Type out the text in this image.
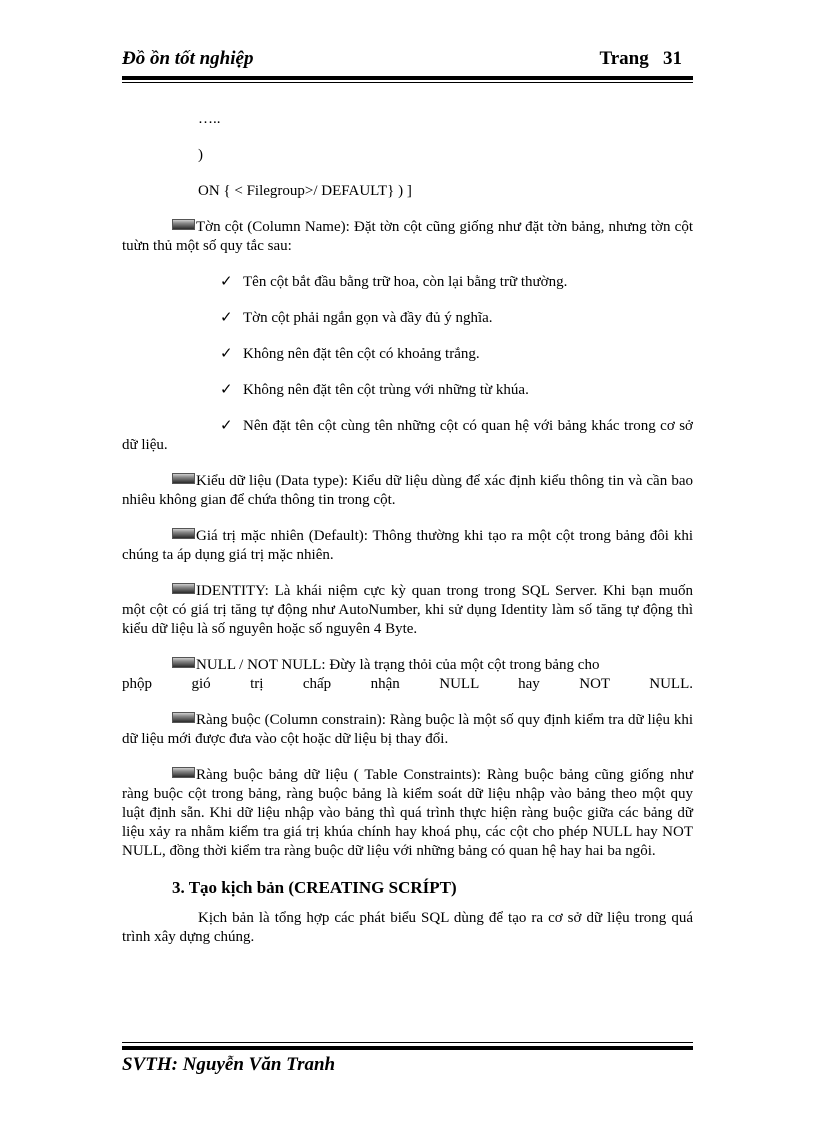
Đồ ồn tốt nghiệp	Trang 31
…..
)
ON { < Filegroup>/ DEFAULT} ) ]

Tờn cột (Column Name): Đặt tờn cột cũng giống như đặt tờn bảng, nhưng tờn cột tuừn thủ một số quy tắc sau:

✓ Tên cột bắt đầu bằng trữ hoa, còn lại bằng trữ thường.
✓ Tờn cột phải ngắn gọn và đầy đủ ý nghĩa.
✓ Không nên đặt tên cột có khoảng trắng.
✓ Không nên đặt tên cột trùng với những từ khúa.
✓ Nên đặt tên cột cùng tên những cột có quan hệ với bảng khác trong cơ sở dữ liệu.

Kiểu dữ liệu (Data type): Kiểu dữ liệu dùng để xác định kiểu thông tin và cần bao nhiêu không gian để chứa thông tin trong cột.

Giá trị mặc nhiên (Default): Thông thường khi tạo ra một cột trong bảng đôi khi chúng ta áp dụng giá trị mặc nhiên.

IDENTITY: Là khái niệm cực kỳ quan trong trong SQL Server. Khi bạn muốn một cột có giá trị tăng tự động như AutoNumber, khi sử dụng Identity làm số tăng tự động thì kiểu dữ liệu là số nguyên hoặc số nguyên 4 Byte.

NULL / NOT NULL: Đừy là trạng thỏi của một cột trong bảng cho
phộp gió trị chấp nhận NULL hay NOT NULL.

Ràng buộc (Column constrain): Ràng buộc là một số quy định kiểm tra dữ liệu khi dữ liệu mới được đưa vào cột hoặc dữ liệu bị thay đổi.

Ràng buộc bảng dữ liệu ( Table Constraints): Ràng buộc bảng cũng giống như ràng buộc cột trong bảng, ràng buộc bảng là kiểm soát dữ liệu nhập vào bảng theo một quy luật định sẵn. Khi dữ liệu nhập vào bảng thì quá trình thực hiện ràng buộc giữa các bảng dữ liệu xảy ra nhằm kiểm tra giá trị khúa chính hay khoá phụ, các cột cho phép NULL hay NOT NULL, đồng thời kiểm tra ràng buộc dữ liệu với những bảng có quan hệ hay hai ba ngôi.

3. Tạo kịch bản (CREATING SCRÍPT)

Kịch bản là tổng hợp các phát biểu SQL dùng để tạo ra cơ sở dữ liệu trong quá trình xây dựng chúng.

SVTH: Nguyễn Văn Tranh
